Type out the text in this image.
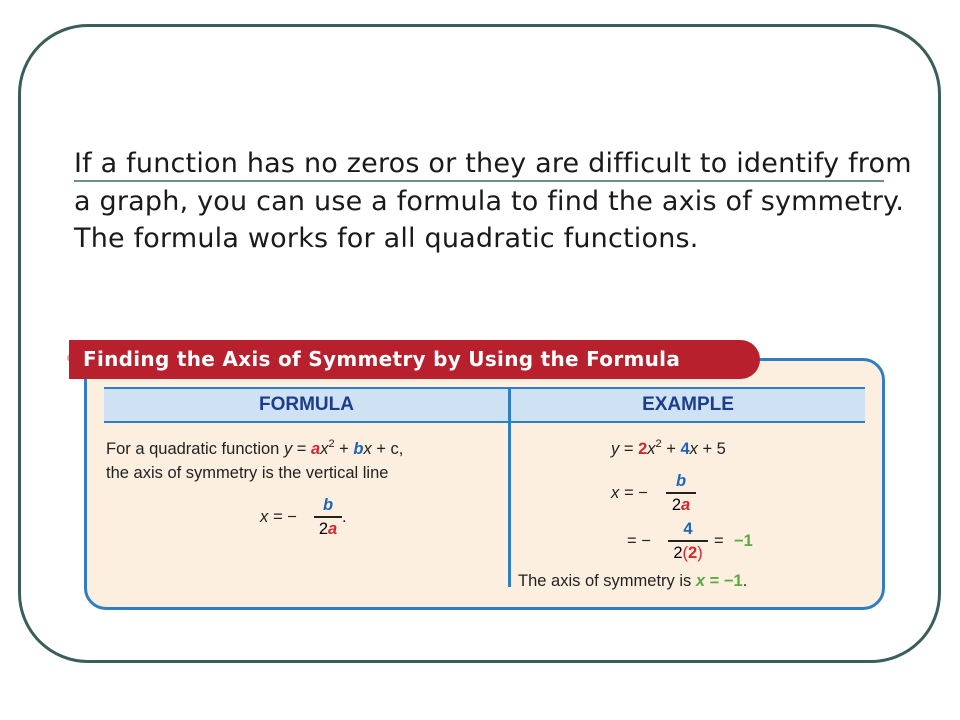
If a function has no zeros or they are difficult to identify from a graph, you can use a formula to find the axis of symmetry. The formula works for all quadratic functions.

Finding the Axis of Symmetry by Using the Formula
FORMULA	EXAMPLE
For a quadratic function $y = ax^2$ + bx + c,
the axis of symmetry is the vertical line
x = −
b
2a
.
$y = 2x^2 + 4x + 5$
x = −
b
2a
= −
4
2(2)
= −1
The axis of symmetry is x = −1.
